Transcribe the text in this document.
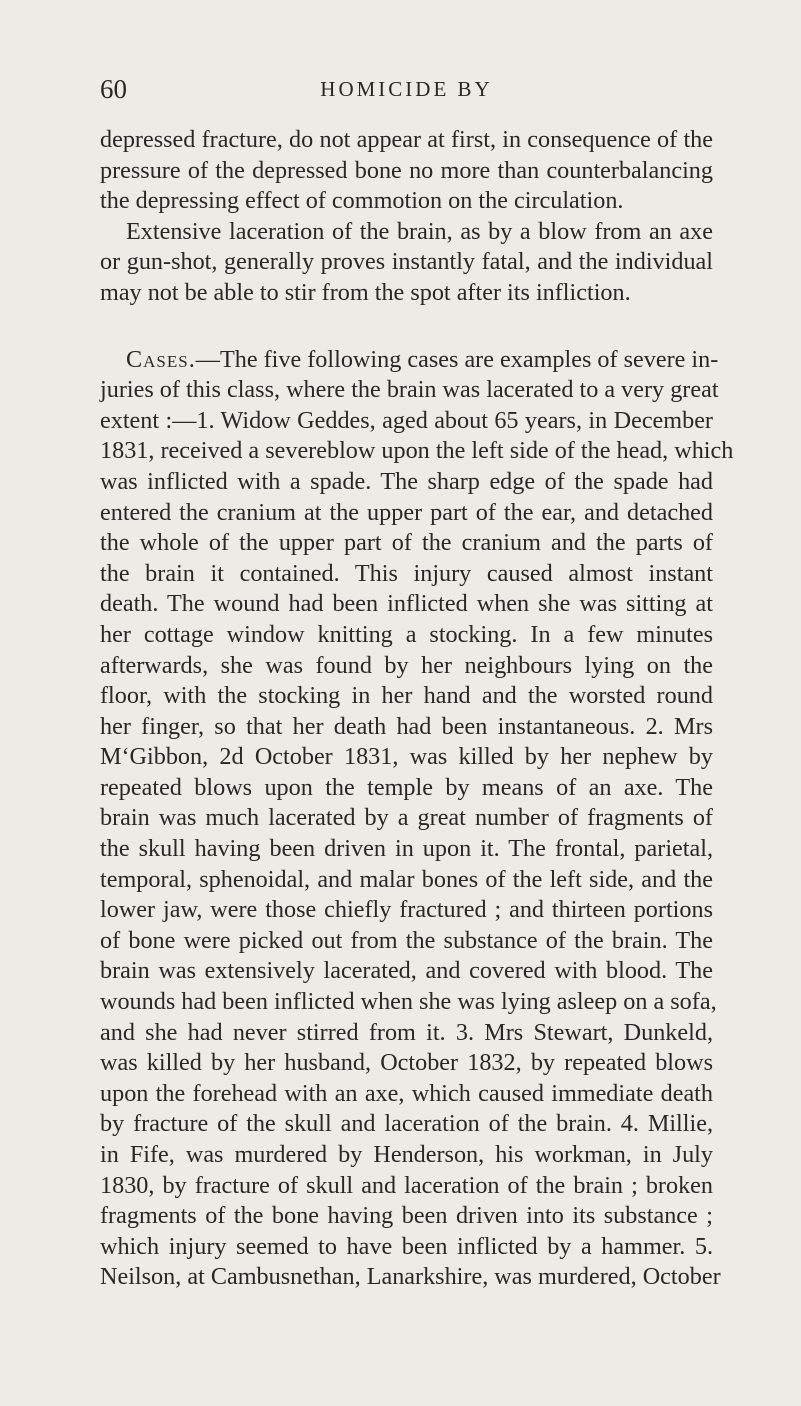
60	HOMICIDE BY
depressed fracture, do not appear at first, in consequence of the
pressure of the depressed bone no more than counterbalancing
the depressing effect of commotion on the circulation.
Extensive laceration of the brain, as by a blow from an axe
or gun-shot, generally proves instantly fatal, and the individual
may not be able to stir from the spot after its infliction.
Cases.—The five following cases are examples of severe in-
juries of this class, where the brain was lacerated to a very great
extent :—1. Widow Geddes, aged about 65 years, in December
1831, received a severeblow upon the left side of the head, which
was inflicted with a spade. The sharp edge of the spade had
entered the cranium at the upper part of the ear, and detached
the whole of the upper part of the cranium and the parts of
the brain it contained. This injury caused almost instant
death. The wound had been inflicted when she was sitting at
her cottage window knitting a stocking. In a few minutes
afterwards, she was found by her neighbours lying on the
floor, with the stocking in her hand and the worsted round
her finger, so that her death had been instantaneous. 2. Mrs
M‘Gibbon, 2d October 1831, was killed by her nephew by
repeated blows upon the temple by means of an axe. The
brain was much lacerated by a great number of fragments of
the skull having been driven in upon it. The frontal, parietal,
temporal, sphenoidal, and malar bones of the left side, and the
lower jaw, were those chiefly fractured ; and thirteen portions
of bone were picked out from the substance of the brain. The
brain was extensively lacerated, and covered with blood. The
wounds had been inflicted when she was lying asleep on a sofa,
and she had never stirred from it. 3. Mrs Stewart, Dunkeld,
was killed by her husband, October 1832, by repeated blows
upon the forehead with an axe, which caused immediate death
by fracture of the skull and laceration of the brain. 4. Millie,
in Fife, was murdered by Henderson, his workman, in July
1830, by fracture of skull and laceration of the brain ; broken
fragments of the bone having been driven into its substance ;
which injury seemed to have been inflicted by a hammer. 5.
Neilson, at Cambusnethan, Lanarkshire, was murdered, October
